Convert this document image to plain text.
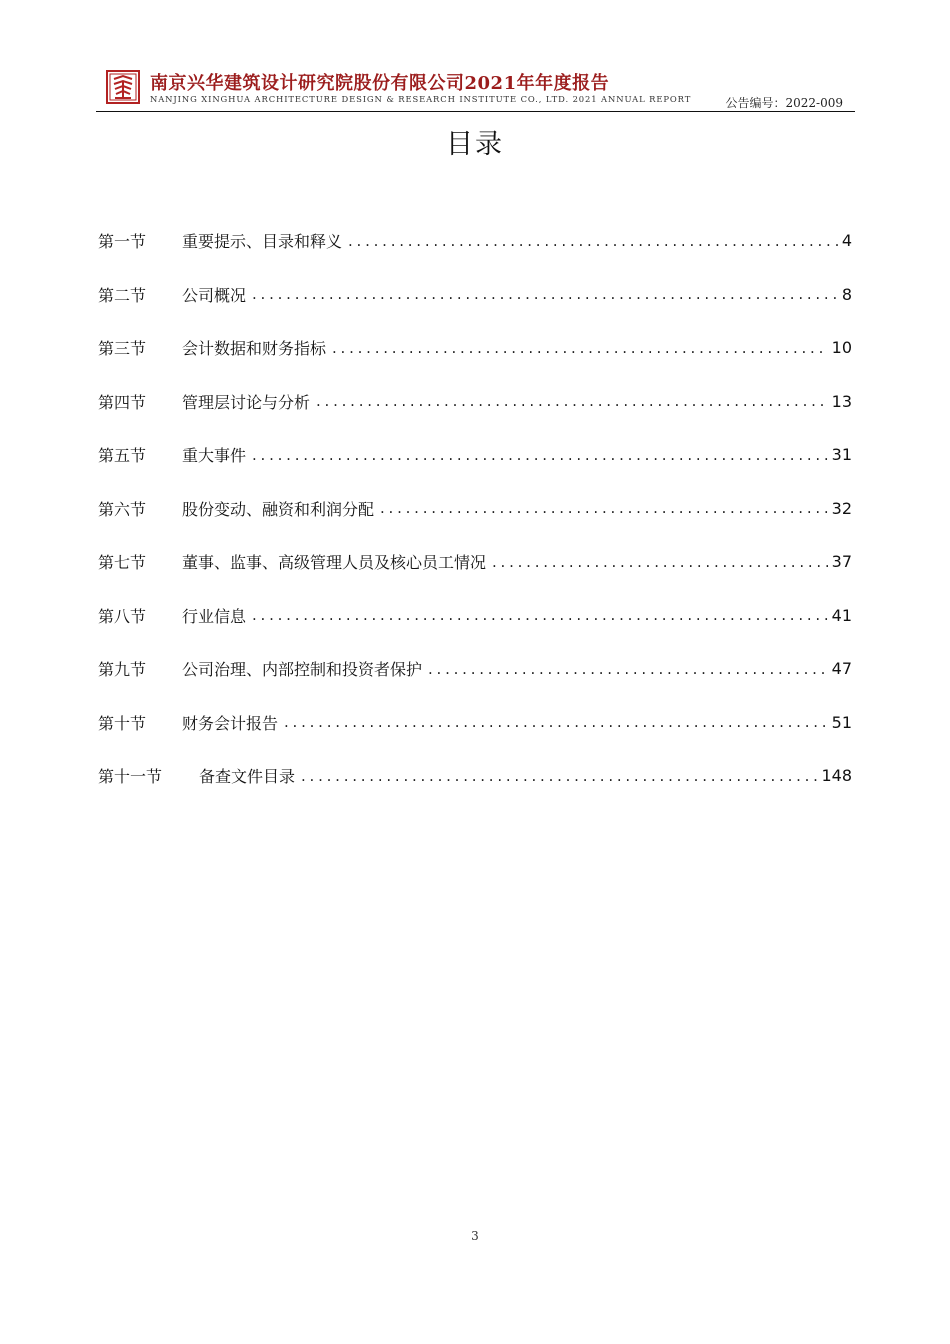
南京兴华建筑设计研究院股份有限公司2021年年度报告
NANJING XINGHUA ARCHITECTURE DESIGN & RESEARCH INSTITUTE CO., LTD. 2021 ANNUAL REPORT	公告编号：2022-009
目录
第一节	重要提示、目录和释义 . . .	4
第二节	公司概况 . . .	8
第三节	会计数据和财务指标 . . .	10
第四节	管理层讨论与分析 . . .	13
第五节	重大事件 . . .	31
第六节	股份变动、融资和利润分配 . . .	32
第七节	董事、监事、高级管理人员及核心员工情况 . . .	37
第八节	行业信息 . . .	41
第九节	公司治理、内部控制和投资者保护 . . .	47
第十节	财务会计报告 . . .	51
第十一节	备查文件目录 . . .	148
3
